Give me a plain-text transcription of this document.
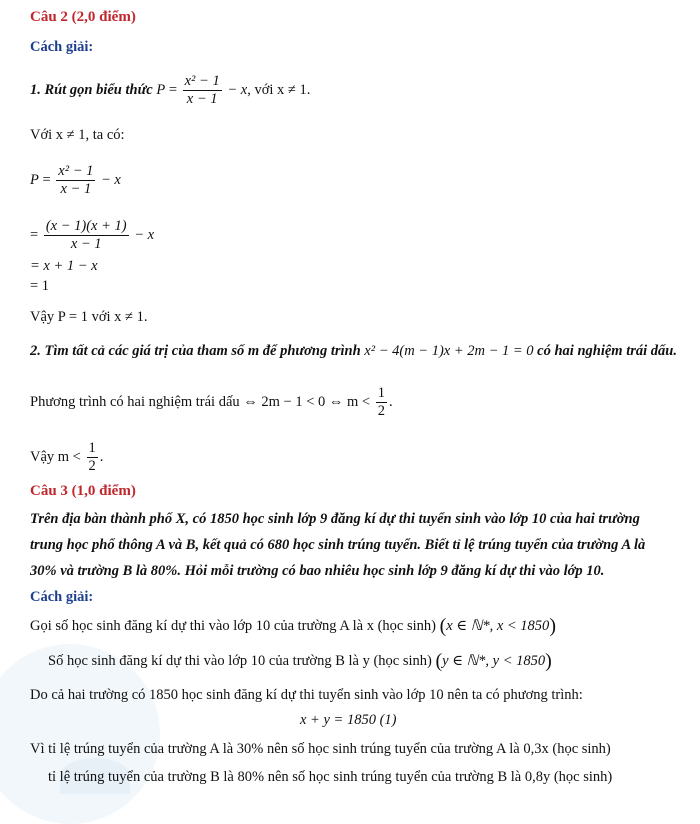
Câu 2 (2,0 điểm)
Cách giải:
1. Rút gọn biểu thức $P = \frac{\text{x² − 1}}{x - 1} - x$, với x ≠ 1.
Với x ≠ 1, ta có:
$P = \frac{\text{x² − 1}}{x - 1} - x$
= $\frac{(x - 1)(x + 1)}{x - 1} - x$
= x + 1 − x
= 1
Vậy P = 1 với x ≠ 1.
2. Tìm tất cả các giá trị của tham số m để phương trình x² − 4(m − 1)x + 2m − 1 = 0 có hai nghiệm trái dấu.
Phương trình có hai nghiệm trái dấu ⇔ 2m − 1 < 0 ⇔ $m < \frac{1}{2}$ .
Vậy $m < \frac{1}{2}$ .
Câu 3 (1,0 điểm)
Trên địa bàn thành phố X, có 1850 học sinh lớp 9 đăng kí dự thi tuyển sinh vào lớp 10 của hai trường
trung học phổ thông A và B, kết quả có 680 học sinh trúng tuyển. Biết tỉ lệ trúng tuyển của trường A là
30% và trường B là 80%. Hỏi mỗi trường có bao nhiêu học sinh lớp 9 đăng kí dự thi vào lớp 10.
Cách giải:
Gọi số học sinh đăng kí dự thi vào lớp 10 của trường A là x (học sinh) (x ∈ ℕ*, x < 1850)
Số học sinh đăng kí dự thi vào lớp 10 của trường B là y (học sinh) (y ∈ ℕ*, y < 1850)
Do cả hai trường có 1850 học sinh đăng kí dự thi tuyển sinh vào lớp 10 nên ta có phương trình:
x + y = 1850 (1)
Vì tỉ lệ trúng tuyển của trường A là 30% nên số học sinh trúng tuyển của trường A là 0,3x (học sinh)
tỉ lệ trúng tuyển của trường B là 80% nên số học sinh trúng tuyển của trường B là 0,8y (học sinh)
